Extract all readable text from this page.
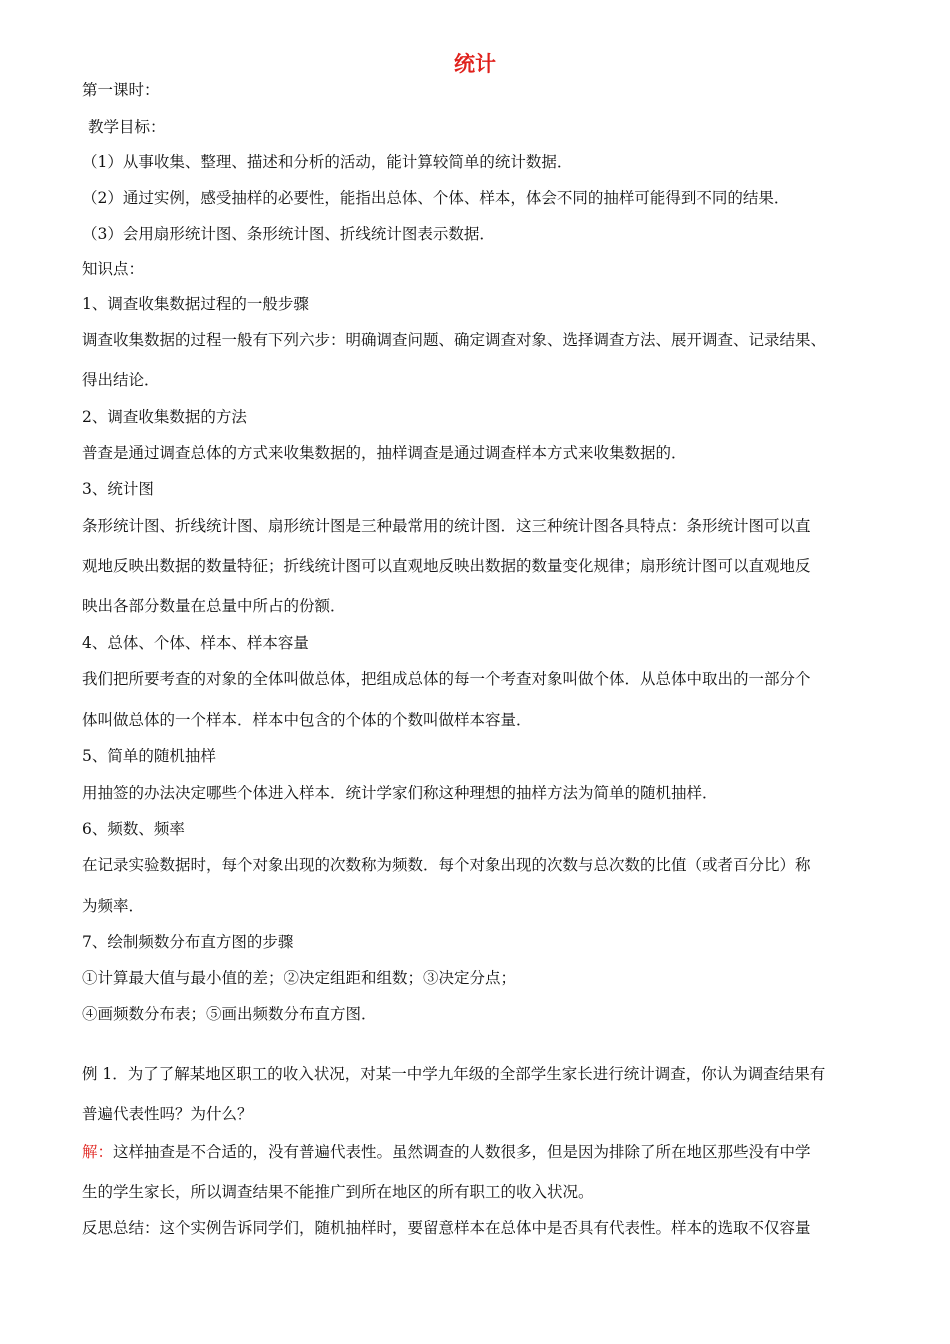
统计
第一课时：
教学目标：
（1）从事收集、整理、描述和分析的活动，能计算较简单的统计数据．
（2）通过实例，感受抽样的必要性，能指出总体、个体、样本，体会不同的抽样可能得到不同的结果．
（3）会用扇形统计图、条形统计图、折线统计图表示数据．
知识点：
1、调查收集数据过程的一般步骤
调查收集数据的过程一般有下列六步：明确调查问题、确定调查对象、选择调查方法、展开调查、记录结果、
得出结论．
2、调查收集数据的方法
普查是通过调查总体的方式来收集数据的，抽样调查是通过调查样本方式来收集数据的．
3、统计图
条形统计图、折线统计图、扇形统计图是三种最常用的统计图．这三种统计图各具特点：条形统计图可以直
观地反映出数据的数量特征；折线统计图可以直观地反映出数据的数量变化规律；扇形统计图可以直观地反
映出各部分数量在总量中所占的份额．
4、总体、个体、样本、样本容量
我们把所要考查的对象的全体叫做总体，把组成总体的每一个考查对象叫做个体．从总体中取出的一部分个
体叫做总体的一个样本．样本中包含的个体的个数叫做样本容量．
5、简单的随机抽样
用抽签的办法决定哪些个体进入样本．统计学家们称这种理想的抽样方法为简单的随机抽样．
6、频数、频率
在记录实验数据时，每个对象出现的次数称为频数．每个对象出现的次数与总次数的比值（或者百分比）称
为频率．
7、绘制频数分布直方图的步骤
①计算最大值与最小值的差；②决定组距和组数；③决定分点；
④画频数分布表；⑤画出频数分布直方图．
例 1．为了了解某地区职工的收入状况，对某一中学九年级的全部学生家长进行统计调查，你认为调查结果有
普遍代表性吗？为什么？
解：这样抽查是不合适的，没有普遍代表性。虽然调查的人数很多，但是因为排除了所在地区那些没有中学
生的学生家长，所以调查结果不能推广到所在地区的所有职工的收入状况。
反思总结：这个实例告诉同学们，随机抽样时，要留意样本在总体中是否具有代表性。样本的选取不仅容量
